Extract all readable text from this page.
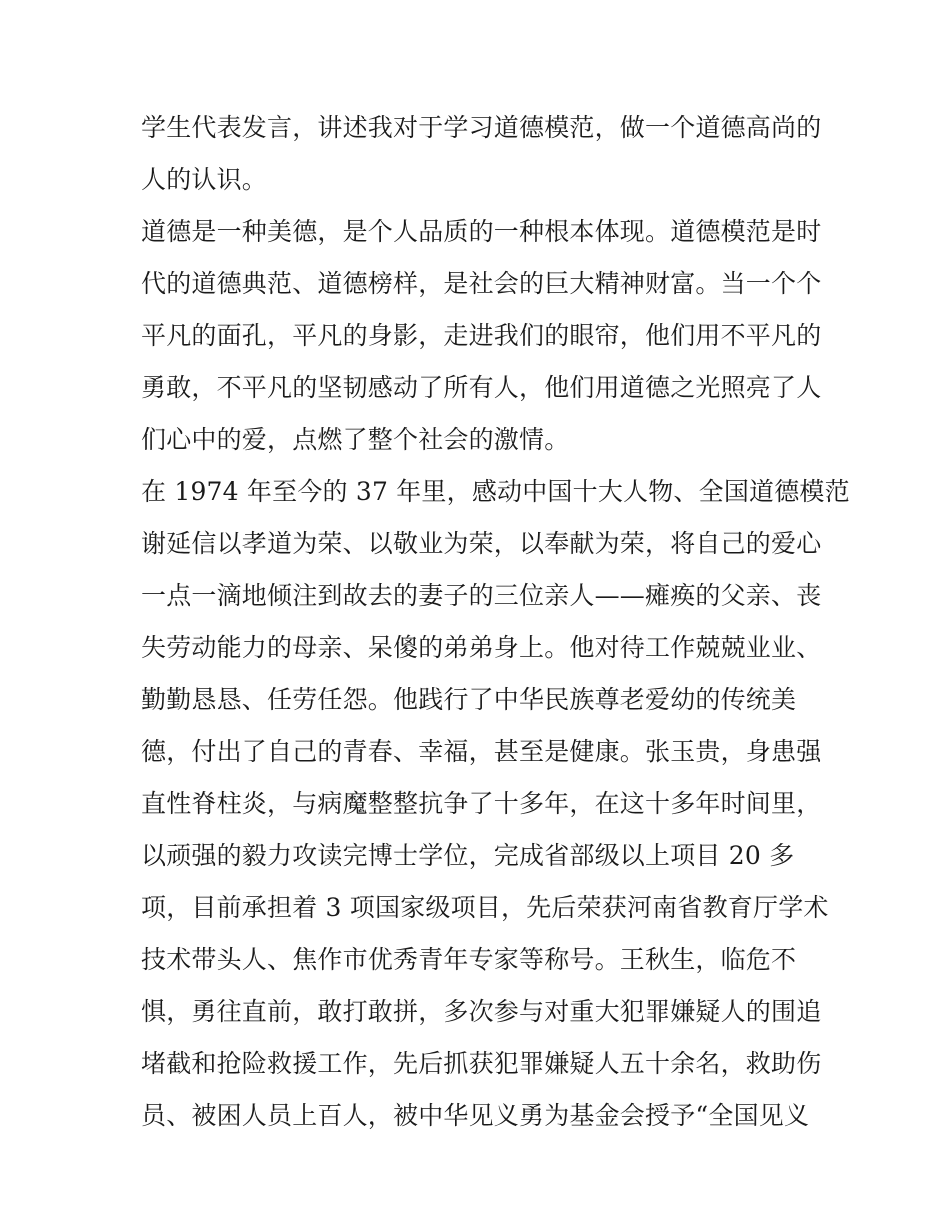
学生代表发言，讲述我对于学习道德模范，做一个道德高尚的
人的认识。
道德是一种美德，是个人品质的一种根本体现。道德模范是时
代的道德典范、道德榜样，是社会的巨大精神财富。当一个个
平凡的面孔，平凡的身影，走进我们的眼帘，他们用不平凡的
勇敢，不平凡的坚韧感动了所有人，他们用道德之光照亮了人
们心中的爱，点燃了整个社会的激情。
在 1974 年至今的 37 年里，感动中国十大人物、全国道德模范
谢延信以孝道为荣、以敬业为荣，以奉献为荣，将自己的爱心
一点一滴地倾注到故去的妻子的三位亲人——瘫痪的父亲、丧
失劳动能力的母亲、呆傻的弟弟身上。他对待工作兢兢业业、
勤勤恳恳、任劳任怨。他践行了中华民族尊老爱幼的传统美
德，付出了自己的青春、幸福，甚至是健康。张玉贵，身患强
直性脊柱炎，与病魔整整抗争了十多年，在这十多年时间里，
以顽强的毅力攻读完博士学位，完成省部级以上项目 20 多
项，目前承担着 3 项国家级项目，先后荣获河南省教育厅学术
技术带头人、焦作市优秀青年专家等称号。王秋生，临危不
惧，勇往直前，敢打敢拼，多次参与对重大犯罪嫌疑人的围追
堵截和抢险救援工作，先后抓获犯罪嫌疑人五十余名，救助伤
员、被困人员上百人，被中华见义勇为基金会授予“全国见义
